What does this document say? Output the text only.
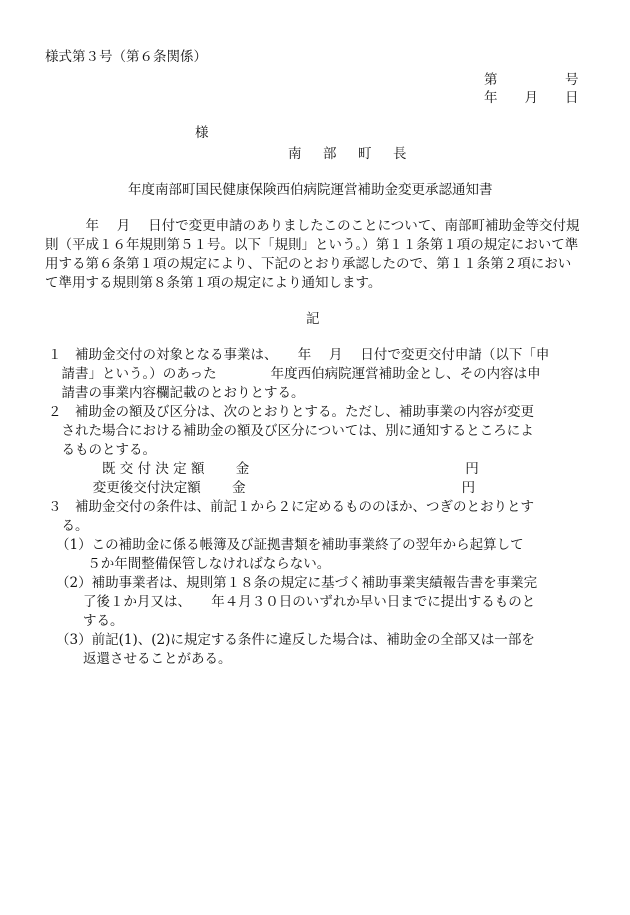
様式第３号（第６条関係）
第　　　　　号
年　　月　　日
様
南　部　町　長
年度南部町国民健康保険西伯病院運営補助金変更承認通知書
　　　年　 月　 日付で変更申請のありましたこのことについて、南部町補助金等交付規
則（平成１６年規則第５１号。以下「規則」という。）第１１条第１項の規定において準
用する第６条第１項の規定により、下記のとおり承認したので、第１１条第２項におい
て準用する規則第８条第１項の規定により通知します。
記
１　補助金交付の対象となる事業は、　　年　 月　 日付で変更交付申請（以下「申
　請書」という。）のあった　　　　年度西伯病院運営補助金とし、その内容は申
　請書の事業内容欄記載のとおりとする。
２　補助金の額及び区分は、次のとおりとする。ただし、補助事業の内容が変更
　された場合における補助金の額及び区分については、別に通知するところによ
　るものとする。
　　　　既 交 付 決 定 額　　 金　　　　　　　　　　　　　　　　円
　　　 変更後交付決定額　　 金　　　　　　　　　　　　　　　　円
３　補助金交付の条件は、前記１から２に定めるもののほか、つぎのとおりとす
　る。
（1）この補助金に係る帳簿及び証拠書類を補助事業終了の翌年から起算して
　　 ５か年間整備保管しなければならない。
（2）補助事業者は、規則第１８条の規定に基づく補助事業実績報告書を事業完
　　了後１か月又は、　　年４月３０日のいずれか早い日までに提出するものと
　　する。
（3）前記(1)、(2)に規定する条件に違反した場合は、補助金の全部又は一部を
　　返還させることがある。
